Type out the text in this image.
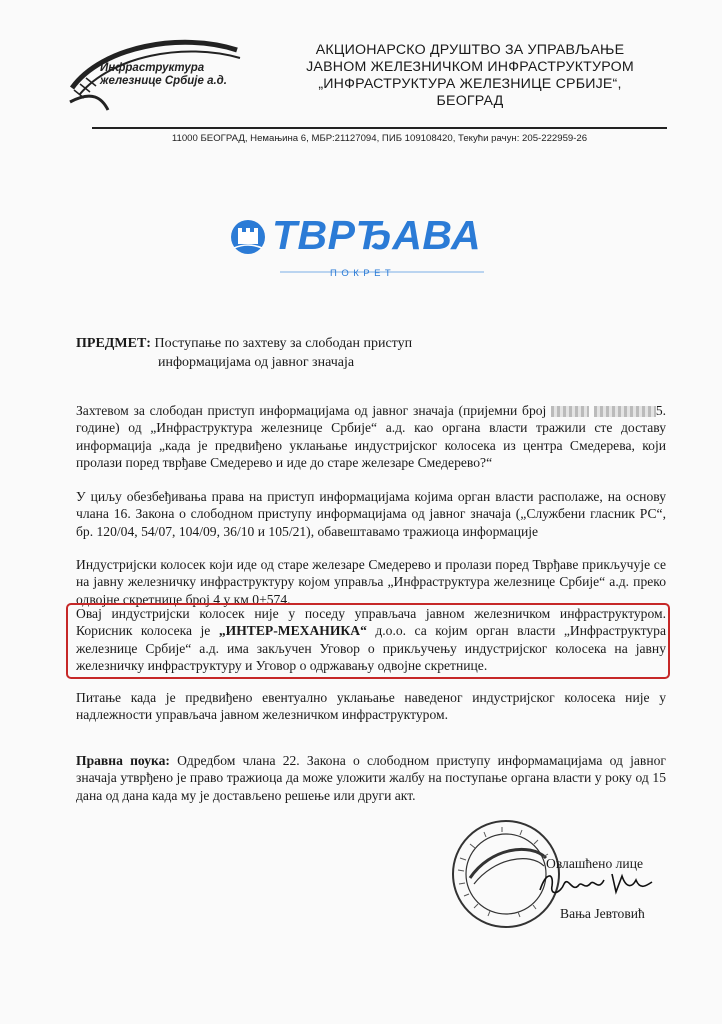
Инфраструктура
железнице Србије а.д.
АКЦИОНАРСКО ДРУШТВО ЗА УПРАВЉАЊЕ
ЈАВНОМ ЖЕЛЕЗНИЧКОМ ИНФРАСТРУКТУРОМ
„ИНФРАСТРУКТУРА ЖЕЛЕЗНИЦЕ СРБИЈЕ“,
БЕОГРАД
11000 БЕОГРАД, Немањина 6, МБР:21127094, ПИБ 109108420, Текући рачун: 205-222959-26
ТВРЂАВА
ПОКРЕТ
ПРЕДМЕТ: Поступање по захтеву за слободан приступ
информацијама од јавног значаја
Захтевом за слободан приступ информацијама од јавног значаја (пријемни број	5. године) од „Инфраструктура железнице Србије“ а.д. као органа власти тражили сте доставу информација „када је предвиђено уклањање индустријског колосека из центра Смедерева, који пролази поред тврђаве Смедерево и иде до старе железаре Смедерево?“
У циљу обезбеђивања права на приступ информацијама којима орган власти располаже, на основу члана 16. Закона о слободном приступу информацијама од јавног значаја („Службени гласник РС“, бр. 120/04, 54/07, 104/09, 36/10 и 105/21), обавештавамо тражиоца информације
Индустријски колосек који иде од старе железаре Смедерево и пролази поред Тврђаве прикључује се на јавну железничку инфраструктуру којом управља „Инфраструктура железнице Србије“ а.д. преко одвојне скретнице број 4 у км 0+574.
Овај индустријски колосек није у поседу управљача јавном железничком инфраструктуром. Корисник колосека је „ИНТЕР-МЕХАНИКА“ д.о.о. са којим орган власти „Инфраструктура железнице Србије“ а.д. има закључен Уговор о прикључењу индустријског колосека на јавну железничку инфраструктуру и Уговор о одржавању одвојне скретнице.
Питање када је предвиђено евентуално уклањање наведеног индустријског колосека није у надлежности управљача јавном железничком инфраструктуром.
Правна поука: Одредбом члана 22. Закона о слободном приступу информамацијама од јавног значаја утврђено је право тражиоца да може уложити жалбу на поступање органа власти у року од 15 дана од дана када му је достављено решење или други акт.
Овлашћено лице
Вања Јевтовић
